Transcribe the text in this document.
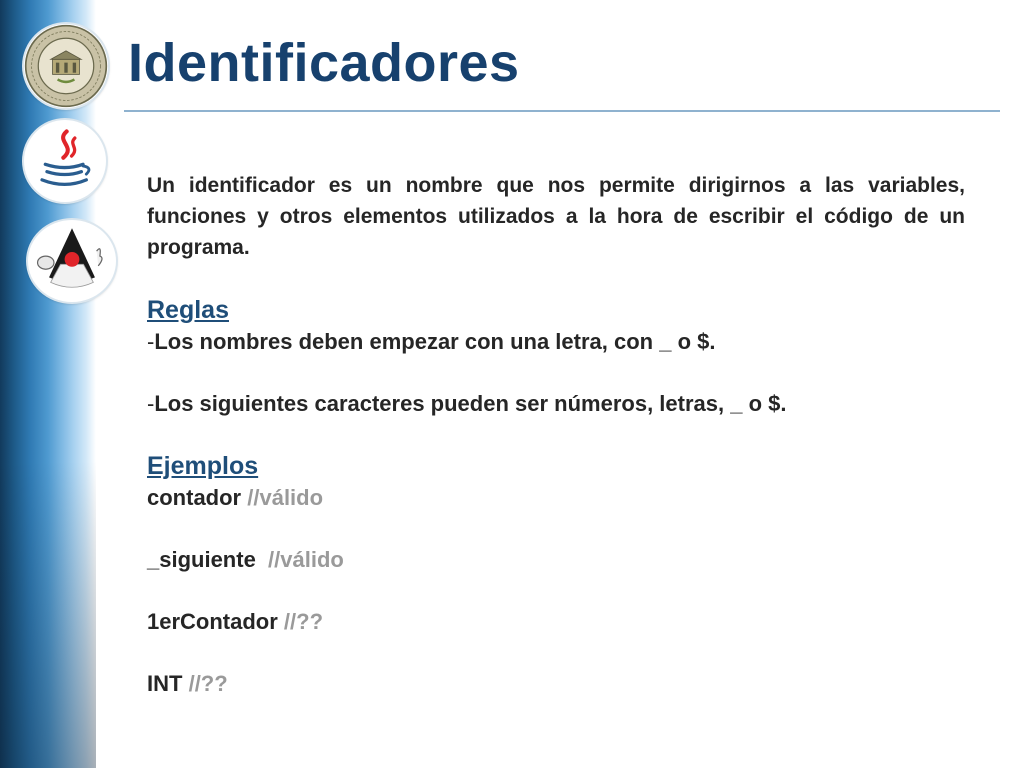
Identificadores

Un identificador es un nombre que nos permite dirigirnos a las variables, funciones y otros elementos utilizados a la hora de escribir el código de un programa.

Reglas

-Los nombres deben empezar con una letra, con _ o $.

-Los siguientes caracteres pueden ser números, letras, _ o $.

Ejemplos

contador //válido

_siguiente //válido

1erContador //??

INT //??
